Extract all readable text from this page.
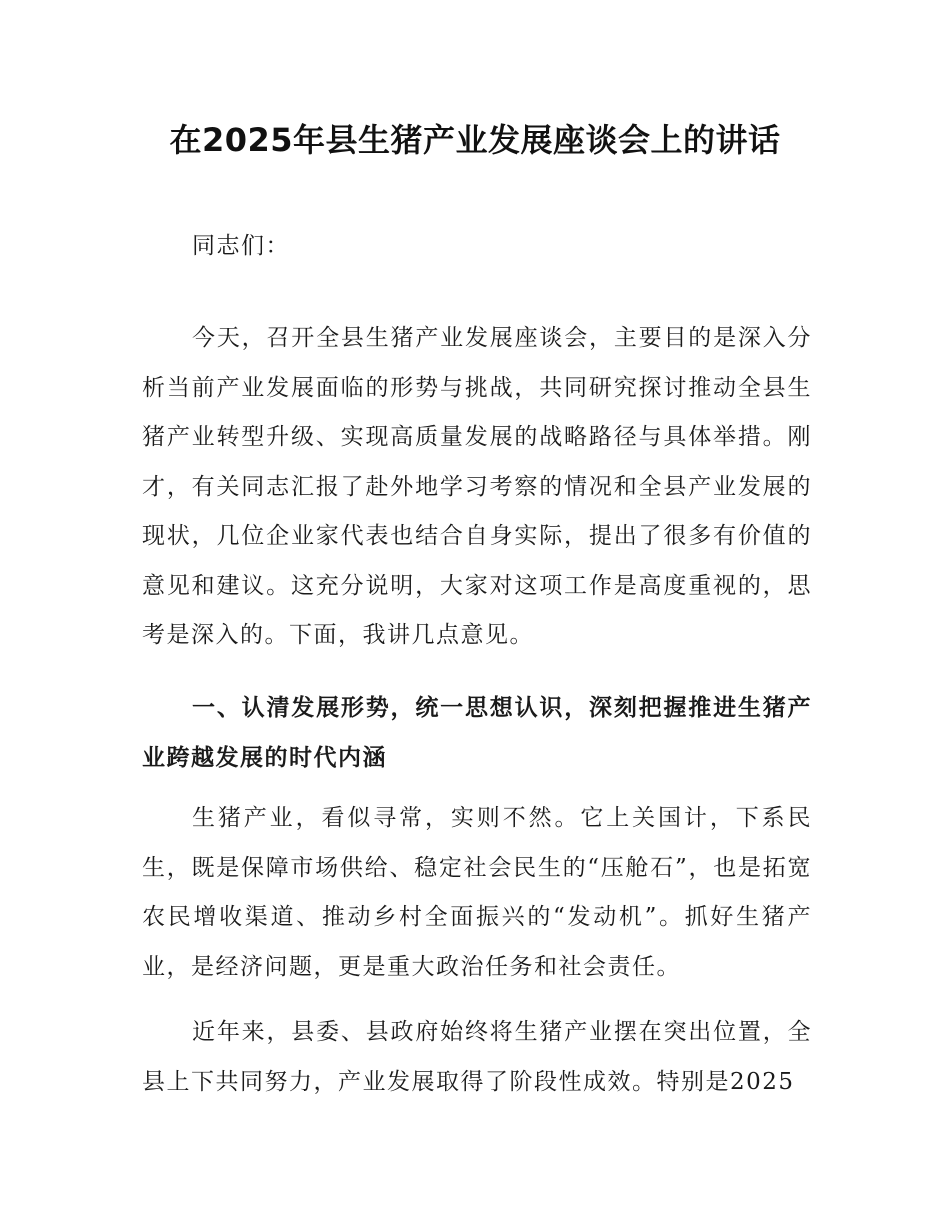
在2025年县生猪产业发展座谈会上的讲话
同志们：
今天，召开全县生猪产业发展座谈会，主要目的是深入分析当前产业发展面临的形势与挑战，共同研究探讨推动全县生猪产业转型升级、实现高质量发展的战略路径与具体举措。刚才，有关同志汇报了赴外地学习考察的情况和全县产业发展的现状，几位企业家代表也结合自身实际，提出了很多有价值的意见和建议。这充分说明，大家对这项工作是高度重视的，思考是深入的。下面，我讲几点意见。
一、认清发展形势，统一思想认识，深刻把握推进生猪产业跨越发展的时代内涵
生猪产业，看似寻常，实则不然。它上关国计，下系民生，既是保障市场供给、稳定社会民生的“压舱石”，也是拓宽农民增收渠道、推动乡村全面振兴的“发动机”。抓好生猪产业，是经济问题，更是重大政治任务和社会责任。
近年来，县委、县政府始终将生猪产业摆在突出位置，全县上下共同努力，产业发展取得了阶段性成效。特别是2025
